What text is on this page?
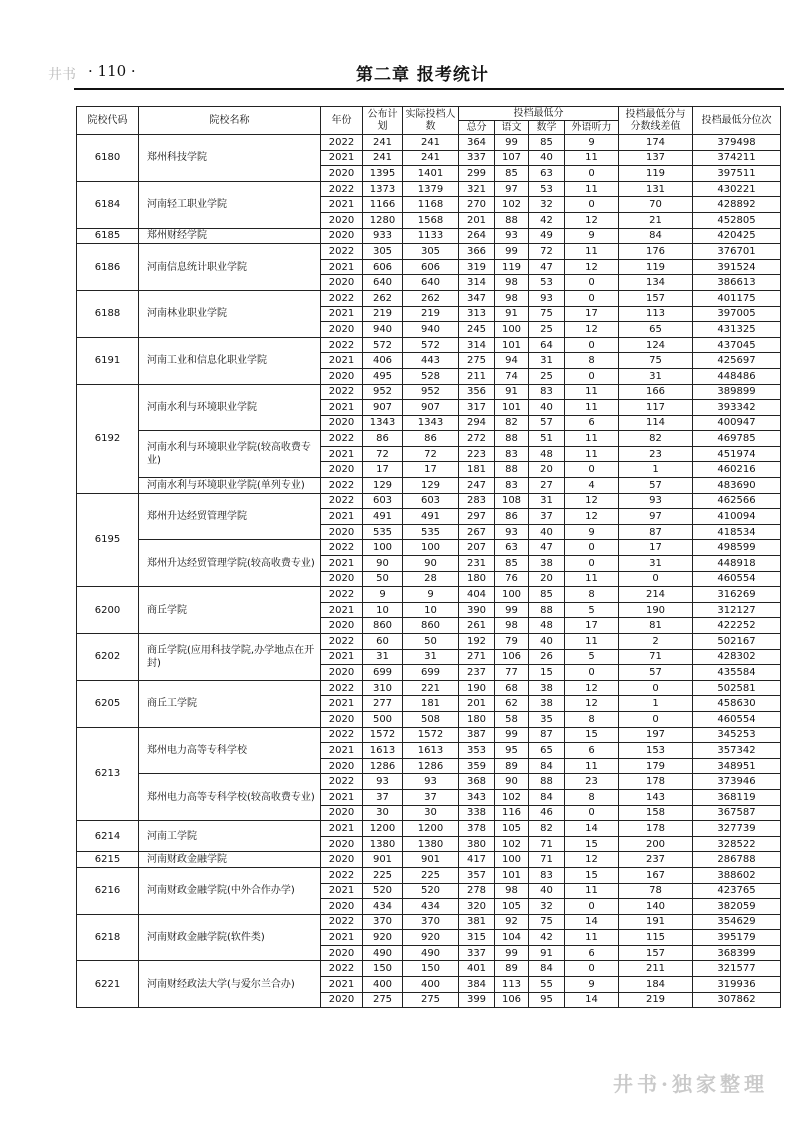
井书 · 110 ·	第二章 报考统计
院校代码	院校名称	年份	公布计划	实际投档人数	投档最低分				投档最低分与分数线差值	投档最低分位次
					总分	语文	数学	外语听力		
6180	郑州科技学院	2022	241	241	364	99	85	9	174	379498
		2021	241	241	337	107	40	11	137	374211
		2020	1395	1401	299	85	63	0	119	397511
6184	河南轻工职业学院	2022	1373	1379	321	97	53	11	131	430221
		2021	1166	1168	270	102	32	0	70	428892
		2020	1280	1568	201	88	42	12	21	452805
6185	郑州财经学院	2020	933	1133	264	93	49	9	84	420425
6186	河南信息统计职业学院	2022	305	305	366	99	72	11	176	376701
		2021	606	606	319	119	47	12	119	391524
		2020	640	640	314	98	53	0	134	386613
6188	河南林业职业学院	2022	262	262	347	98	93	0	157	401175
		2021	219	219	313	91	75	17	113	397005
		2020	940	940	245	100	25	12	65	431325
6191	河南工业和信息化职业学院	2022	572	572	314	101	64	0	124	437045
		2021	406	443	275	94	31	8	75	425697
		2020	495	528	211	74	25	0	31	448486
6192	河南水利与环境职业学院	2022	952	952	356	91	83	11	166	389899
		2021	907	907	317	101	40	11	117	393342
		2020	1343	1343	294	82	57	6	114	400947
	河南水利与环境职业学院(较高收费专业)	2022	86	86	272	88	51	11	82	469785
		2021	72	72	223	83	48	11	23	451974
		2020	17	17	181	88	20	0	1	460216
	河南水利与环境职业学院(单列专业)	2022	129	129	247	83	27	4	57	483690
6195	郑州升达经贸管理学院	2022	603	603	283	108	31	12	93	462566
		2021	491	491	297	86	37	12	97	410094
		2020	535	535	267	93	40	9	87	418534
	郑州升达经贸管理学院(较高收费专业)	2022	100	100	207	63	47	0	17	498599
		2021	90	90	231	85	38	0	31	448918
		2020	50	28	180	76	20	11	0	460554
6200	商丘学院	2022	9	9	404	100	85	8	214	316269
		2021	10	10	390	99	88	5	190	312127
		2020	860	860	261	98	48	17	81	422252
6202	商丘学院(应用科技学院,办学地点在开封)	2022	60	50	192	79	40	11	2	502167
		2021	31	31	271	106	26	5	71	428302
		2020	699	699	237	77	15	0	57	435584
6205	商丘工学院	2022	310	221	190	68	38	12	0	502581
		2021	277	181	201	62	38	12	1	458630
		2020	500	508	180	58	35	8	0	460554
6213	郑州电力高等专科学校	2022	1572	1572	387	99	87	15	197	345253
		2021	1613	1613	353	95	65	6	153	357342
		2020	1286	1286	359	89	84	11	179	348951
	郑州电力高等专科学校(较高收费专业)	2022	93	93	368	90	88	23	178	373946
		2021	37	37	343	102	84	8	143	368119
		2020	30	30	338	116	46	0	158	367587
6214	河南工学院	2021	1200	1200	378	105	82	14	178	327739
		2020	1380	1380	380	102	71	15	200	328522
6215	河南财政金融学院	2020	901	901	417	100	71	12	237	286788
6216	河南财政金融学院(中外合作办学)	2022	225	225	357	101	83	15	167	388602
		2021	520	520	278	98	40	11	78	423765
		2020	434	434	320	105	32	0	140	382059
6218	河南财政金融学院(软件类)	2022	370	370	381	92	75	14	191	354629
		2021	920	920	315	104	42	11	115	395179
		2020	490	490	337	99	91	6	157	368399
6221	河南财经政法大学(与爱尔兰合办)	2022	150	150	401	89	84	0	211	321577
		2021	400	400	384	113	55	9	184	319936
		2020	275	275	399	106	95	14	219	307862
井书·独家整理
